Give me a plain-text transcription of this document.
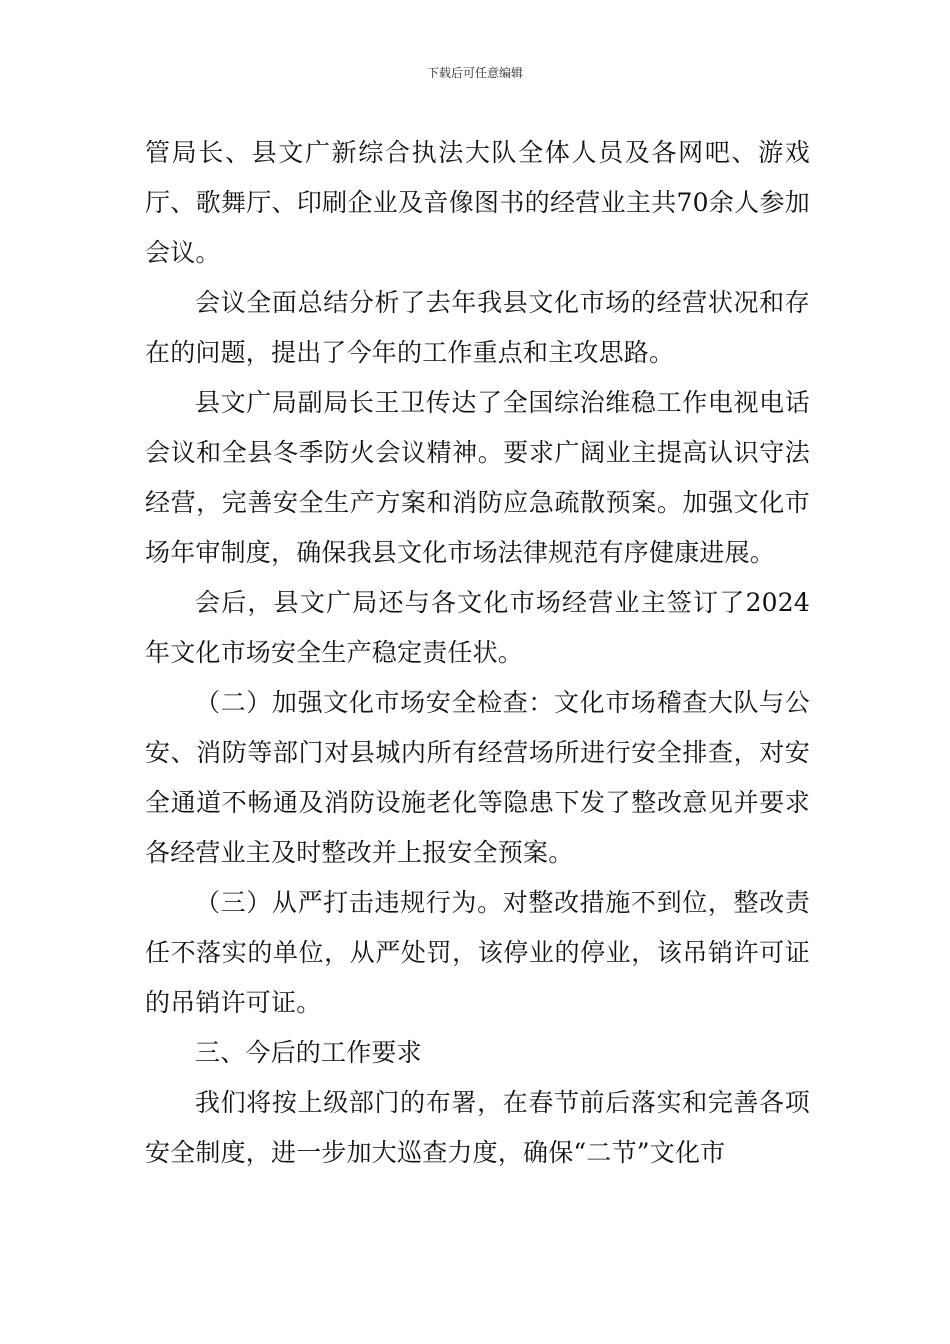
下载后可任意编辑

管局长、县文广新综合执法大队全体人员及各网吧、游戏厅、歌舞厅、印刷企业及音像图书的经营业主共70余人参加会议。

会议全面总结分析了去年我县文化市场的经营状况和存在的问题，提出了今年的工作重点和主攻思路。

县文广局副局长王卫传达了全国综治维稳工作电视电话会议和全县冬季防火会议精神。要求广阔业主提高认识守法经营，完善安全生产方案和消防应急疏散预案。加强文化市场年审制度，确保我县文化市场法律规范有序健康进展。

会后，县文广局还与各文化市场经营业主签订了2024年文化市场安全生产稳定责任状。

（二）加强文化市场安全检查：文化市场稽查大队与公安、消防等部门对县城内所有经营场所进行安全排查，对安全通道不畅通及消防设施老化等隐患下发了整改意见并要求各经营业主及时整改并上报安全预案。

（三）从严打击违规行为。对整改措施不到位，整改责任不落实的单位，从严处罚，该停业的停业，该吊销许可证的吊销许可证。

三、今后的工作要求

我们将按上级部门的布署，在春节前后落实和完善各项安全制度，进一步加大巡查力度，确保“二节”文化市
